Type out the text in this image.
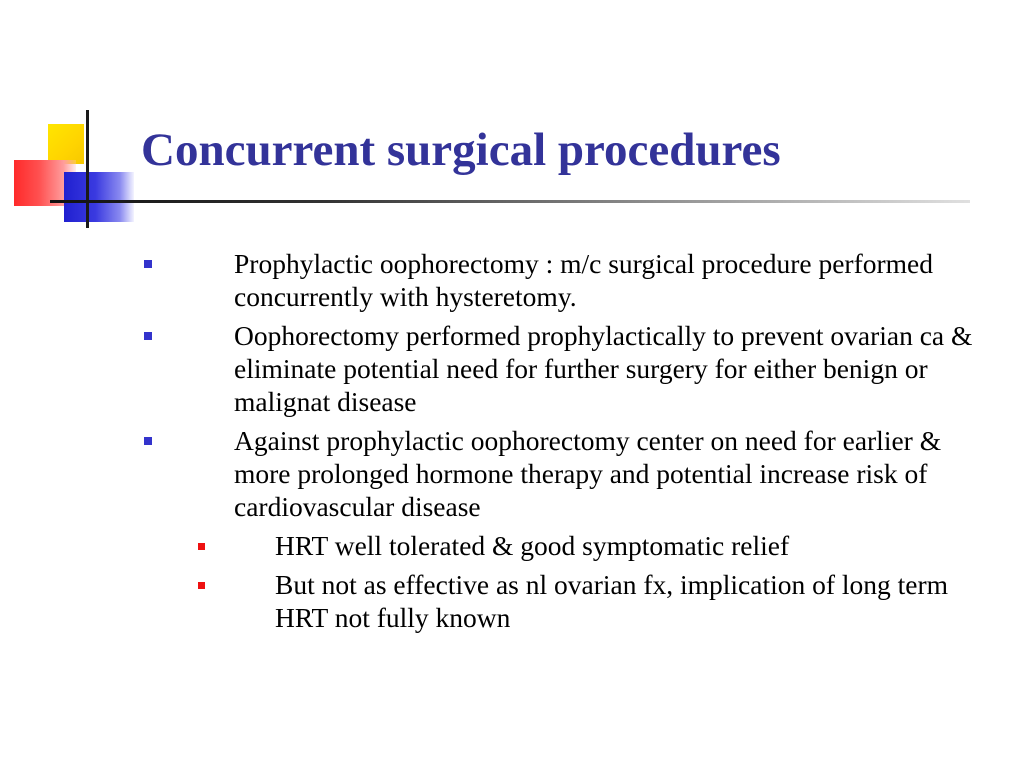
Concurrent surgical procedures
Prophylactic oophorectomy : m/c surgical procedure performed concurrently with hysteretomy.
Oophorectomy performed prophylactically to prevent ovarian ca & eliminate potential need for further surgery for either benign or malignat disease
Against prophylactic oophorectomy center on need for earlier & more prolonged hormone therapy and potential increase risk of cardiovascular disease
HRT well tolerated & good symptomatic relief
But not as effective as nl ovarian fx, implication of long term HRT not fully known
